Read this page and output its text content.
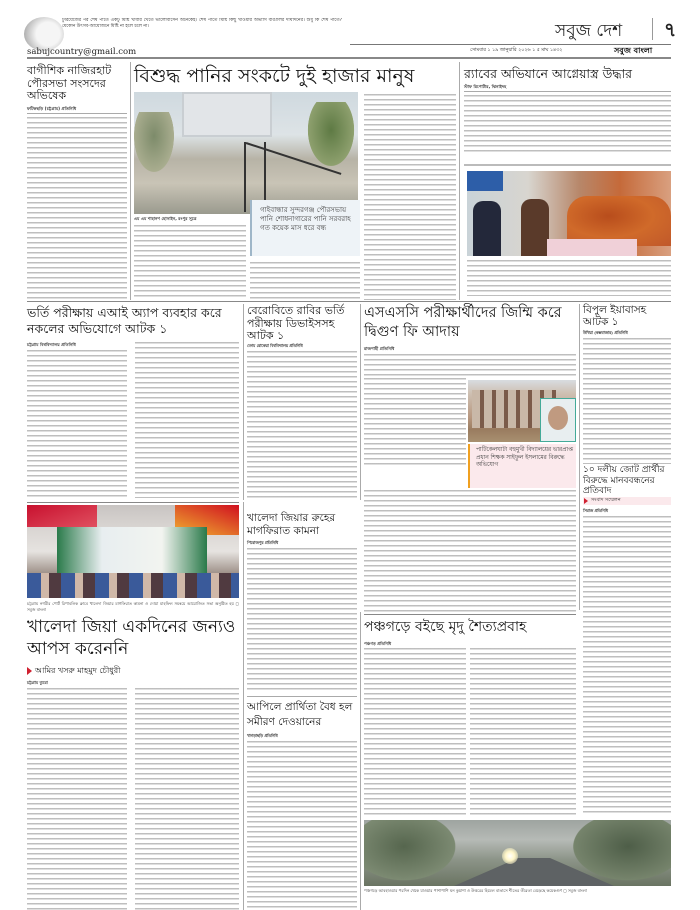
ঢুরিয়েজের পর শেষ পাতে একটু মিষ্টি খাবার খেতে ভালোবাসেন অনেকেই। শেষ পাতে মিষ্টি কিছু খাওয়ার অভ্যাস বাঙালির দীর্ঘদিনের। শুধু কি শেষ পাতে? যেকোন উৎসব-আয়োজনে মিষ্টি না হলে চলে না।
sabujcountry@gmail.com
সবুজ দেশ ৭
সোমবার ১ ১৯ জানুয়ারি ২০২৬ ১ ৫ মাঘ ১৪৩২	সবুজ বাংলা
বাগীশিক নাজিরহাট পৌরসভা সংসদের অভিষেক
ফটিকছড়ি (চট্টগ্রাম) প্রতিনিধি
বিশুদ্ধ পানির সংকটে দুই হাজার মানুষ
এম এম শাহানশ হোসাইন, রংপুর সূত্রে
গাইবান্ধার সুন্দরগঞ্জ পৌরসভায় পানি শোধনাগারের পানি সরবরাহ গত কয়েক মাস ধরে বন্ধ
র‍্যাবের অভিযানে আগ্নেয়াস্ত্র উদ্ধার
স্টাফ রিপোর্টার, ঝিনাইদহ
ভর্তি পরীক্ষায় এআই অ্যাপ ব্যবহার করে নকলের অভিযোগে আটক ১
চট্টগ্রাম বিশ্ববিদ্যালয় প্রতিনিধি
বেরোবিতে রাবির ভর্তি পরীক্ষায় ডিভাইসসহ আটক ১
বেগম রোকেয়া বিশ্ববিদ্যালয় প্রতিনিধি
এসএসসি পরীক্ষার্থীদের জিম্মি করে দ্বিগুণ ফি আদায়
রাজশাহী প্রতিনিধি
পাটিকেলঘাটা বহুমুখী বিদ্যালয়ের ভারপ্রাপ্ত প্রধান শিক্ষক সাইফুল ইসলামের বিরুদ্ধে অভিযোগ
বিপুল ইয়াবাসহ আটক ১
উখিয়া (কক্সবাজার) প্রতিনিধি
১০ দলীয় জোট প্রার্থীর বিরুদ্ধে মানববন্ধনের প্রতিবাদ
সংবাদ সম্মেলন
সিরাজ প্রতিনিধি
চট্টগ্রাম নগরীর পোর্ট রিপাবলিক ক্লাবে খালেদা জিয়ার মাগফিরাত কামনা ও দোয়া মাহফিল সমন্বয়ে আয়োজিত সভা অনুষ্ঠিত হয় ◻ সবুজ বাংলা
খালেদা জিয়া একদিনের জন্যও আপস করেননি
আমির খসরু মাহমুদ চৌধুরী
চট্টগ্রাম ব্যুরো
খালেদা জিয়ার রুহের মাগফিরাত কামনা
পিরোজপুর প্রতিনিধি
আপিলে প্রার্থিতা বৈধ হল সমীরণ দেওয়ানের
খাগড়াছড়ি প্রতিনিধি
পঞ্চগড়ে বইছে মৃদু শৈত্যপ্রবাহ
পঞ্চগড় প্রতিনিধি
পঞ্চগড়ে আবহাওয়ার পরদিন থেকে যাওয়ার পাশাপাশি ঘন কুয়াশা ও উত্তরের হিমেল বাতাসে শীতের তীব্রতা বেড়েছে কয়েকগুণ ◻ সবুজ বাংলা
